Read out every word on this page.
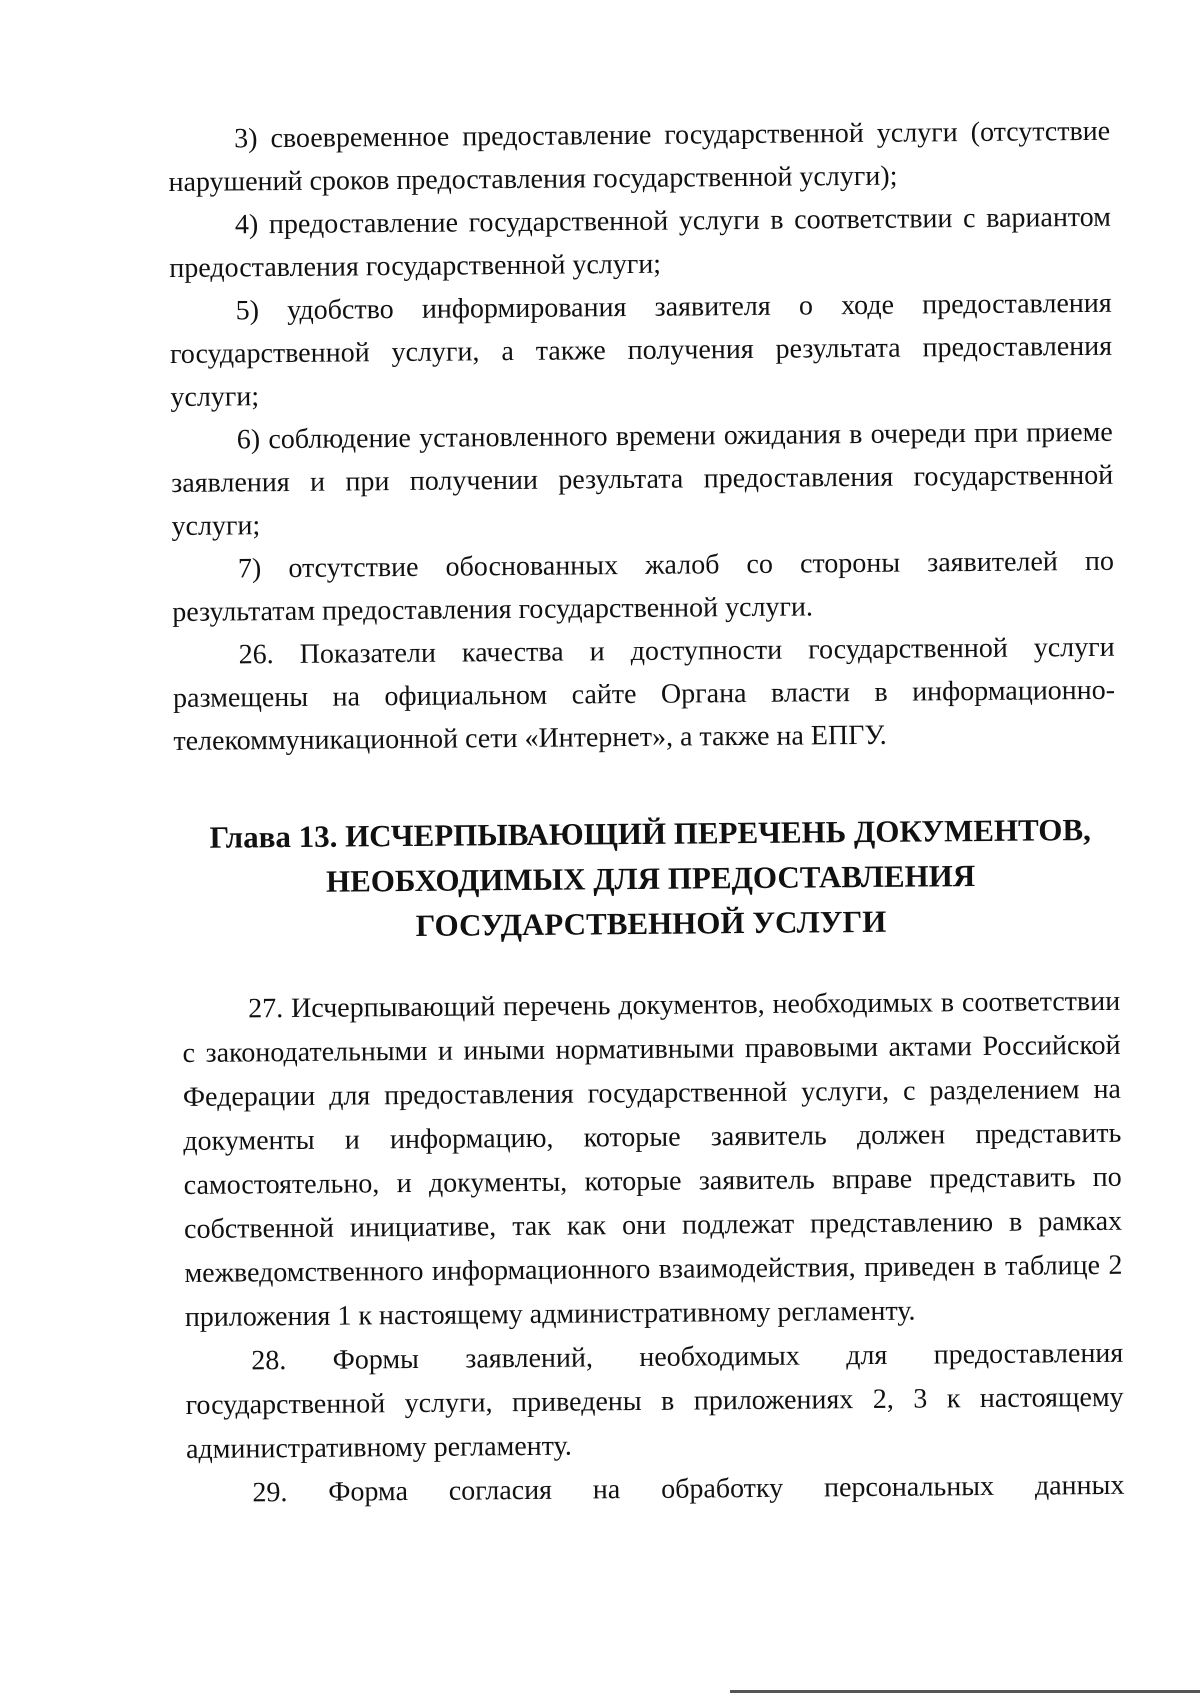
3) своевременное предоставление государственной услуги (отсутствие нарушений сроков предоставления государственной услуги);

4) предоставление государственной услуги в соответствии с вариантом предоставления государственной услуги;

5) удобство информирования заявителя о ходе предоставления государственной услуги, а также получения результата предоставления услуги;

6) соблюдение установленного времени ожидания в очереди при приеме заявления и при получении результата предоставления государственной услуги;

7) отсутствие обоснованных жалоб со стороны заявителей по результатам предоставления государственной услуги.

26. Показатели качества и доступности государственной услуги размещены на официальном сайте Органа власти в информационно-телекоммуникационной сети «Интернет», а также на ЕПГУ.

Глава 13. ИСЧЕРПЫВАЮЩИЙ ПЕРЕЧЕНЬ ДОКУМЕНТОВ,
НЕОБХОДИМЫХ ДЛЯ ПРЕДОСТАВЛЕНИЯ
ГОСУДАРСТВЕННОЙ УСЛУГИ

27. Исчерпывающий перечень документов, необходимых в соответствии с законодательными и иными нормативными правовыми актами Российской Федерации для предоставления государственной услуги, с разделением на документы и информацию, которые заявитель должен представить самостоятельно, и документы, которые заявитель вправе представить по собственной инициативе, так как они подлежат представлению в рамках межведомственного информационного взаимодействия, приведен в таблице 2 приложения 1 к настоящему административному регламенту.

28. Формы заявлений, необходимых для предоставления государственной услуги, приведены в приложениях 2, 3 к настоящему административному регламенту.

29. Форма согласия на обработку персональных данных
